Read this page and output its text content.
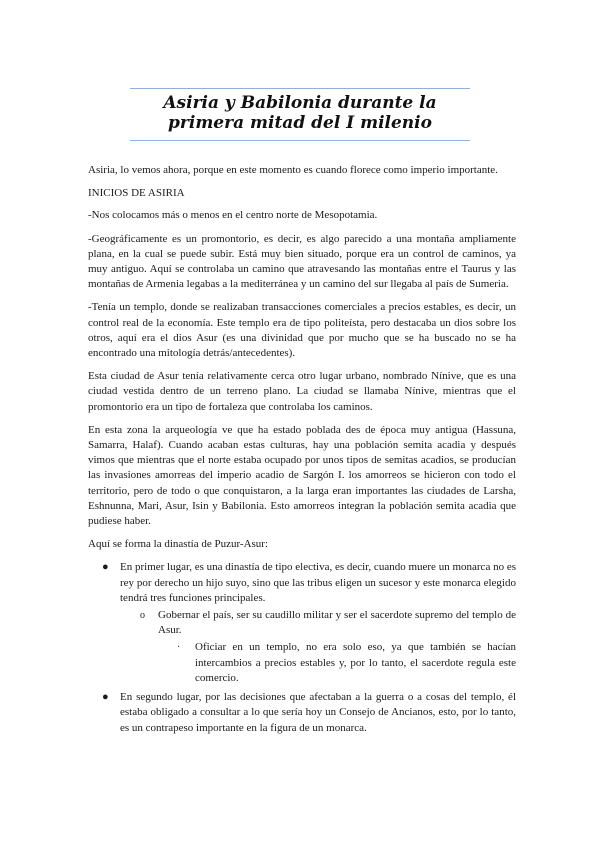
Asiria y Babilonia durante la
primera mitad del I milenio

Asiria, lo vemos ahora, porque en este momento es cuando florece como imperio importante.

INICIOS DE ASIRIA

-Nos colocamos más o menos en el centro norte de Mesopotamia.

-Geográficamente es un promontorio, es decir, es algo parecido a una montaña ampliamente plana, en la cual se puede subir. Está muy bien situado, porque era un control de caminos, ya muy antiguo. Aquí se controlaba un camino que atravesando las montañas entre el Taurus y las montañas de Armenia legabas a la mediterránea y un camino del sur llegaba al país de Sumeria.

-Tenía un templo, donde se realizaban transacciones comerciales a precios estables, es decir, un control real de la economía. Este templo era de tipo politeísta, pero destacaba un dios sobre los otros, aquí era el dios Asur (es una divinidad que por mucho que se ha buscado no se ha encontrado una mitología detrás/antecedentes).

Esta ciudad de Asur tenía relativamente cerca otro lugar urbano, nombrado Nínive, que es una ciudad vestida dentro de un terreno plano. La ciudad se llamaba Nínive, mientras que el promontorio era un tipo de fortaleza que controlaba los caminos.

En esta zona la arqueología ve que ha estado poblada des de época muy antigua (Hassuna, Samarra, Halaf). Cuando acaban estas culturas, hay una población semita acadia y después vimos que mientras que el norte estaba ocupado por unos tipos de semitas acadios, se producían las invasiones amorreas del imperio acadio de Sargón I. los amorreos se hicieron con todo el territorio, pero de todo o que conquistaron, a la larga eran importantes las ciudades de Larsha, Eshnunna, Mari, Asur, Isin y Babilonia. Esto amorreos integran la población semita acadia que pudiese haber.

Aquí se forma la dinastía de Puzur-Asur:

● En primer lugar, es una dinastía de tipo electiva, es decir, cuando muere un monarca no es rey por derecho un hijo suyo, sino que las tribus eligen un sucesor y este monarca elegido tendrá tres funciones principales.
o Gobernar el país, ser su caudillo militar y ser el sacerdote supremo del templo de Asur.
· Oficiar en un templo, no era solo eso, ya que también se hacían intercambios a precios estables y, por lo tanto, el sacerdote regula este comercio.
● En segundo lugar, por las decisiones que afectaban a la guerra o a cosas del templo, él estaba obligado a consultar a lo que sería hoy un Consejo de Ancianos, esto, por lo tanto, es un contrapeso importante en la figura de un monarca.
